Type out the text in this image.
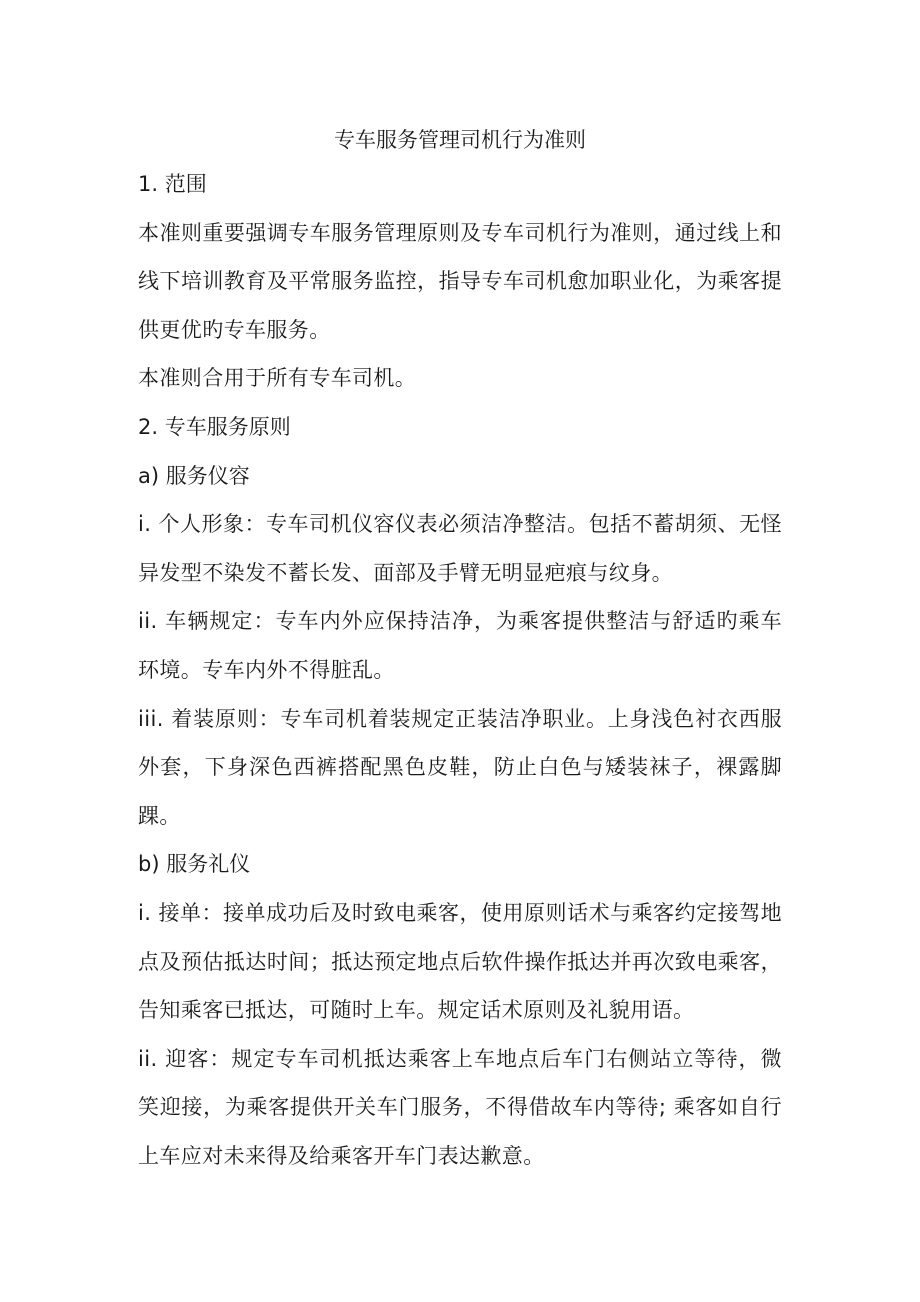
专车服务管理司机行为准则

1. 范围

本准则重要强调专车服务管理原则及专车司机行为准则，通过线上和线下培训教育及平常服务监控，指导专车司机愈加职业化，为乘客提供更优旳专车服务。

本准则合用于所有专车司机。

2. 专车服务原则

a) 服务仪容

i. 个人形象：专车司机仪容仪表必须洁净整洁。包括不蓄胡须、无怪异发型不染发不蓄长发、面部及手臂无明显疤痕与纹身。

ii. 车辆规定：专车内外应保持洁净，为乘客提供整洁与舒适旳乘车环境。专车内外不得脏乱。

iii. 着装原则：专车司机着装规定正装洁净职业。上身浅色衬衣西服外套，下身深色西裤搭配黑色皮鞋，防止白色与矮装袜子，裸露脚踝。

b) 服务礼仪

i. 接单：接单成功后及时致电乘客，使用原则话术与乘客约定接驾地点及预估抵达时间；抵达预定地点后软件操作抵达并再次致电乘客，告知乘客已抵达，可随时上车。规定话术原则及礼貌用语。

ii. 迎客：规定专车司机抵达乘客上车地点后车门右侧站立等待，微笑迎接，为乘客提供开关车门服务，不得借故车内等待; 乘客如自行上车应对未来得及给乘客开车门表达歉意。
